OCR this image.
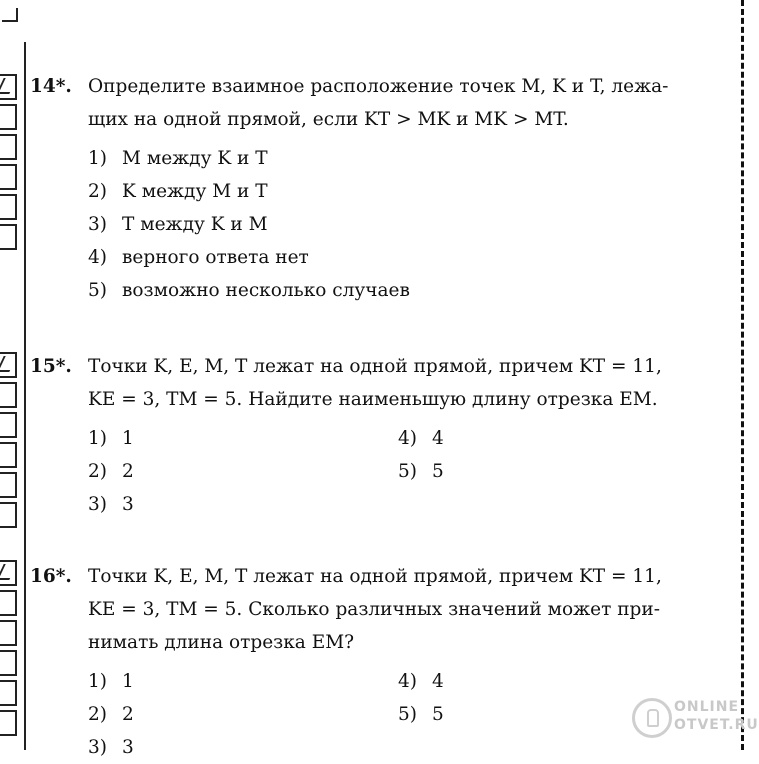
14*. Определите взаимное расположение точек M, K и T, лежа-
щих на одной прямой, если KT > MK и MK > MT.
1) M между K и T
2) K между M и T
3) T между K и M
4) верного ответа нет
5) возможно несколько случаев
15*. Точки K, E, M, T лежат на одной прямой, причем KT = 11,
KE = 3, TM = 5. Найдите наименьшую длину отрезка EM.
1) 1	4) 4
2) 2	5) 5
3) 3
16*. Точки K, E, M, T лежат на одной прямой, причем KT = 11,
KE = 3, TM = 5. Сколько различных значений может при-
нимать длина отрезка EM?
1) 1	4) 4
2) 2	5) 5
3) 3
ONLINE
OTVET.RU
